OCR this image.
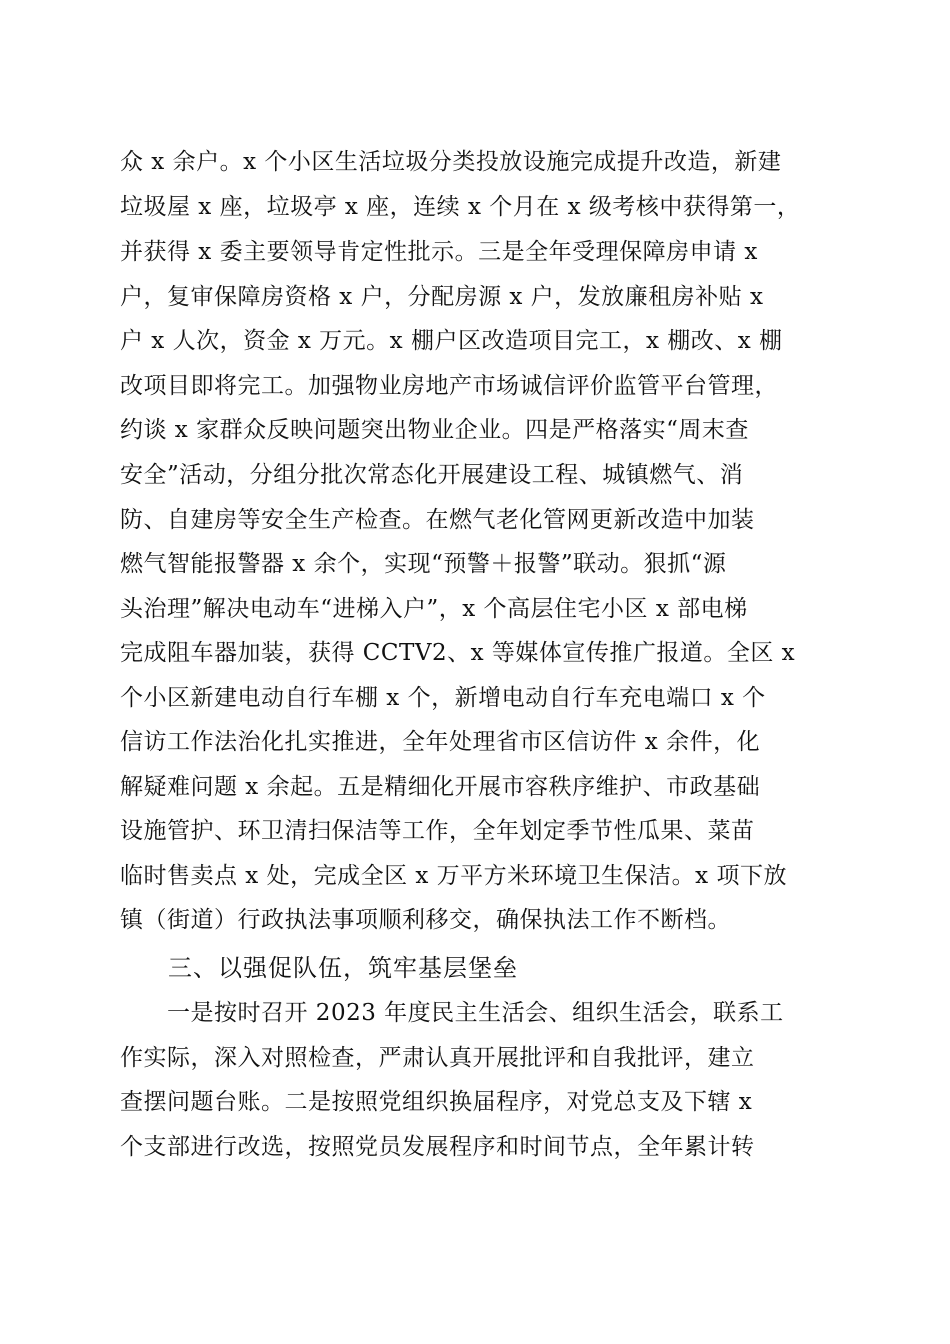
众 x 余户。x 个小区生活垃圾分类投放设施完成提升改造，新建
垃圾屋 x 座，垃圾亭 x 座，连续 x 个月在 x 级考核中获得第一，
并获得 x 委主要领导肯定性批示。三是全年受理保障房申请 x
户，复审保障房资格 x 户，分配房源 x 户，发放廉租房补贴 x
户 x 人次，资金 x 万元。x 棚户区改造项目完工，x 棚改、x 棚
改项目即将完工。加强物业房地产市场诚信评价监管平台管理，
约谈 x 家群众反映问题突出物业企业。四是严格落实“周末查
安全”活动，分组分批次常态化开展建设工程、城镇燃气、消
防、自建房等安全生产检查。在燃气老化管网更新改造中加装
燃气智能报警器 x 余个，实现“预警＋报警”联动。狠抓“源
头治理”解决电动车“进梯入户”，x 个高层住宅小区 x 部电梯
完成阻车器加装，获得 CCTV2、x 等媒体宣传推广报道。全区 x
个小区新建电动自行车棚 x 个，新增电动自行车充电端口 x 个
信访工作法治化扎实推进，全年处理省市区信访件 x 余件，化
解疑难问题 x 余起。五是精细化开展市容秩序维护、市政基础
设施管护、环卫清扫保洁等工作，全年划定季节性瓜果、菜苗
临时售卖点 x 处，完成全区 x 万平方米环境卫生保洁。x 项下放
镇（街道）行政执法事项顺利移交，确保执法工作不断档。
三、以强促队伍，筑牢基层堡垒
　　一是按时召开 2023 年度民主生活会、组织生活会，联系工
作实际，深入对照检查，严肃认真开展批评和自我批评，建立
查摆问题台账。二是按照党组织换届程序，对党总支及下辖 x
个支部进行改选，按照党员发展程序和时间节点，全年累计转
